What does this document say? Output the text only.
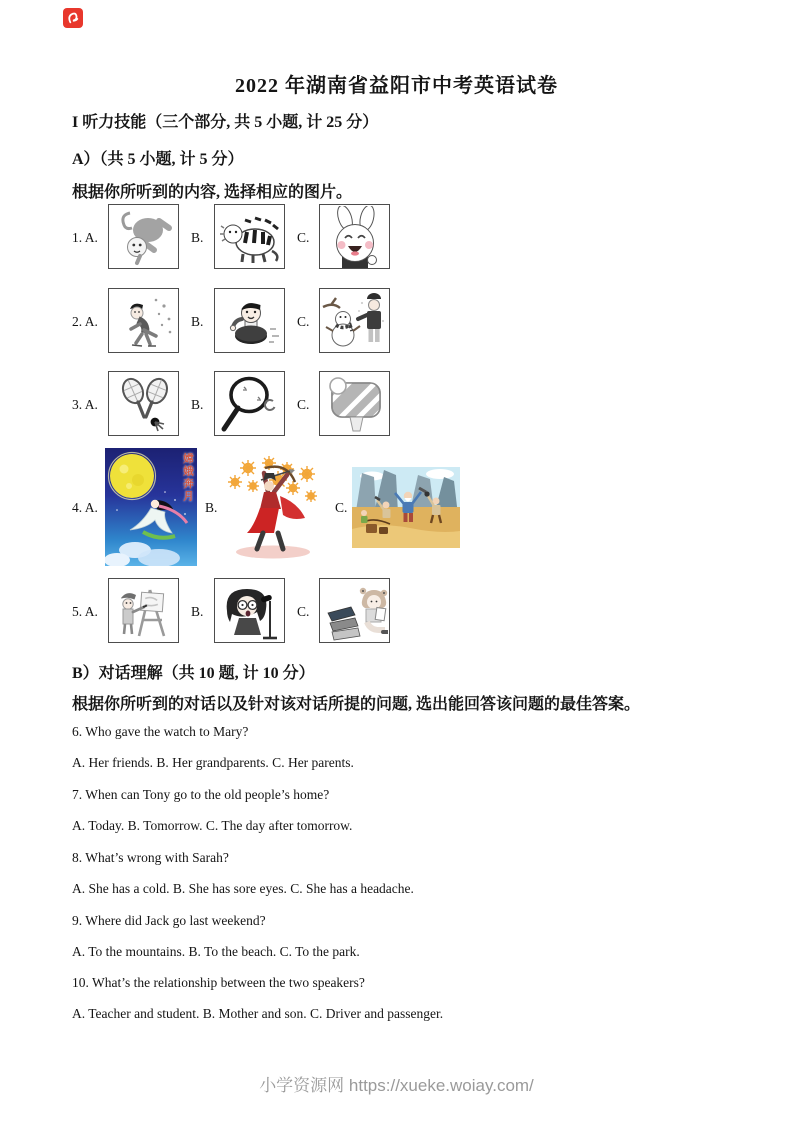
2022 年湖南省益阳市中考英语试卷
I 听力技能（三个部分, 共 5 小题, 计 25 分）
A）（共 5 小题, 计 5 分）
根据你所听到的内容, 选择相应的图片。
1. A.	B.	C.
2. A.	B.	C.
3. A.	B.	C.
4. A.
嫦娥奔月
B.	C.
5. A.	B.	C.
B）对话理解（共 10 题, 计 10 分）
根据你所听到的对话以及针对该对话所提的问题, 选出能回答该问题的最佳答案。
6. Who gave the watch to Mary?
A. Her friends. B. Her grandparents. C. Her parents.
7. When can Tony go to the old people’s home?
A. Today. B. Tomorrow. C. The day after tomorrow.
8. What’s wrong with Sarah?
A. She has a cold. B. She has sore eyes. C. She has a headache.
9. Where did Jack go last weekend?
A. To the mountains. B. To the beach. C. To the park.
10. What’s the relationship between the two speakers?
A. Teacher and student. B. Mother and son. C. Driver and passenger.
小学资源网 https://xueke.woiay.com/
